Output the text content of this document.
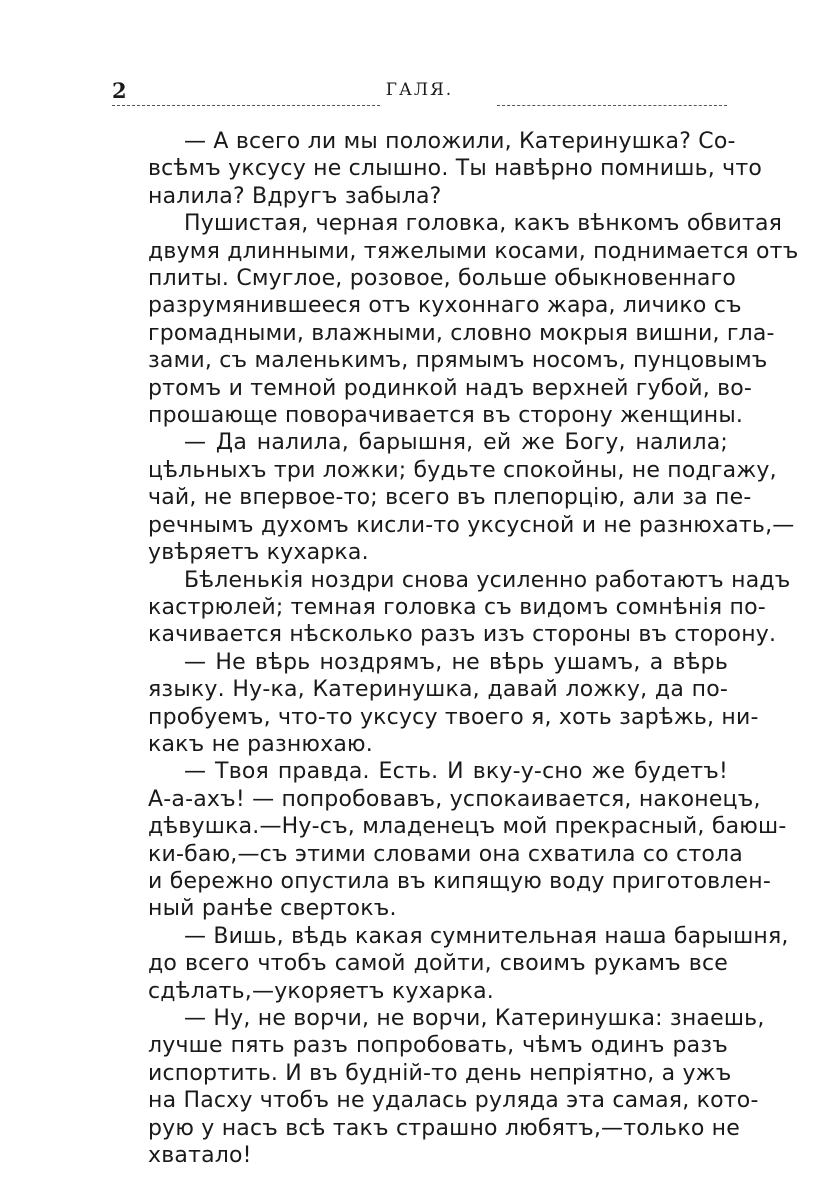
2	ГАЛЯ.
— А всего ли мы положили, Катеринушка? Со-
всѣмъ уксусу не слышно. Ты навѣрно помнишь, что
налила? Вдругъ забыла?
Пушистая, черная головка, какъ вѣнкомъ обвитая
двумя длинными, тяжелыми косами, поднимается отъ
плиты. Смуглое, розовое, больше обыкновеннаго
разрумянившееся отъ кухоннаго жара, личико съ
громадными, влажными, словно мокрыя вишни, гла-
зами, съ маленькимъ, прямымъ носомъ, пунцовымъ
ртомъ и темной родинкой надъ верхней губой, во-
прошающе поворачивается въ сторону женщины.
— Да налила, барышня, ей же Богу, налила;
цѣльныхъ три ложки; будьте спокойны, не подгажу,
чай, не впервое-то; всего въ плепорцію, али за пе-
речнымъ духомъ кисли-то уксусной и не разнюхать,—
увѣряетъ кухарка.
Бѣленькія ноздри снова усиленно работаютъ надъ
кастрюлей; темная головка съ видомъ сомнѣнія по-
качивается нѣсколько разъ изъ стороны въ сторону.
— Не вѣрь ноздрямъ, не вѣрь ушамъ, а вѣрь
языку. Ну-ка, Катеринушка, давай ложку, да по-
пробуемъ, что-то уксусу твоего я, хоть зарѣжь, ни-
какъ не разнюхаю.
— Твоя правда. Есть. И вку-у-сно же будетъ!
А-а-ахъ! — попробовавъ, успокаивается, наконецъ,
дѣвушка.—Ну-съ, младенецъ мой прекрасный, баюш-
ки-баю,—съ этими словами она схватила со стола
и бережно опустила въ кипящую воду приготовлен-
ный ранѣе свертокъ.
— Вишь, вѣдь какая сумнительная наша барышня,
до всего чтобъ самой дойти, своимъ рукамъ все
сдѣлать,—укоряетъ кухарка.
— Ну, не ворчи, не ворчи, Катеринушка: знаешь,
лучше пять разъ попробовать, чѣмъ одинъ разъ
испортить. И въ буднiй-то день непрiятно, а ужъ
на Пасху чтобъ не удалась руляда эта самая, кото-
рую у насъ всѣ такъ страшно любятъ,—только не
хватало!
